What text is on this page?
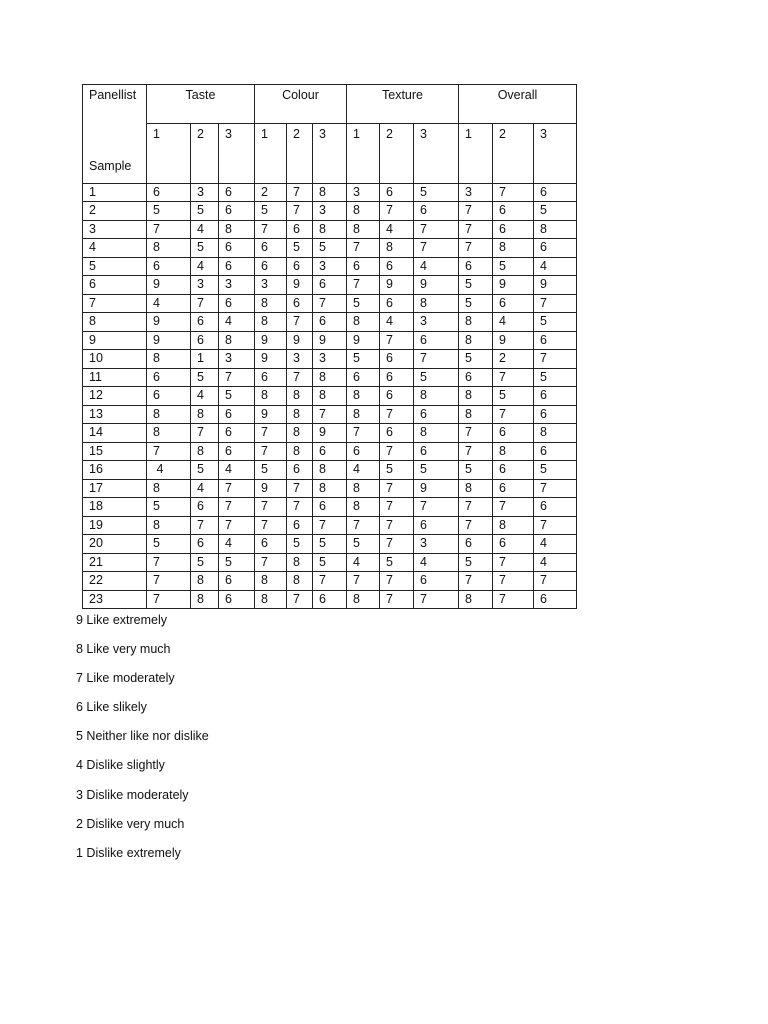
Panellist	Taste			Colour			Texture			Overall		
Sample	1	2	3	1	2	3	1	2	3	1	2	3
1	6	3	6	2	7	8	3	6	5	3	7	6
2	5	5	6	5	7	3	8	7	6	7	6	5
3	7	4	8	7	6	8	8	4	7	7	6	8
4	8	5	6	6	5	5	7	8	7	7	8	6
5	6	4	6	6	6	3	6	6	4	6	5	4
6	9	3	3	3	9	6	7	9	9	5	9	9
7	4	7	6	8	6	7	5	6	8	5	6	7
8	9	6	4	8	7	6	8	4	3	8	4	5
9	9	6	8	9	9	9	9	7	6	8	9	6
10	8	1	3	9	3	3	5	6	7	5	2	7
11	6	5	7	6	7	8	6	6	5	6	7	5
12	6	4	5	8	8	8	8	6	8	8	5	6
13	8	8	6	9	8	7	8	7	6	8	7	6
14	8	7	6	7	8	9	7	6	8	7	6	8
15	7	8	6	7	8	6	6	7	6	7	8	6
16	4	5	4	5	6	8	4	5	5	5	6	5
17	8	4	7	9	7	8	8	7	9	8	6	7
18	5	6	7	7	7	6	8	7	7	7	7	6
19	8	7	7	7	6	7	7	7	6	7	8	7
20	5	6	4	6	5	5	5	7	3	6	6	4
21	7	5	5	7	8	5	4	5	4	5	7	4
22	7	8	6	8	8	7	7	7	6	7	7	7
23	7	8	6	8	7	6	8	7	7	8	7	6
9 Like extremely
8 Like very much
7 Like moderately
6 Like slikely
5 Neither like nor dislike
4 Dislike slightly
3 Dislike moderately
2 Dislike very much
1 Dislike extremely
